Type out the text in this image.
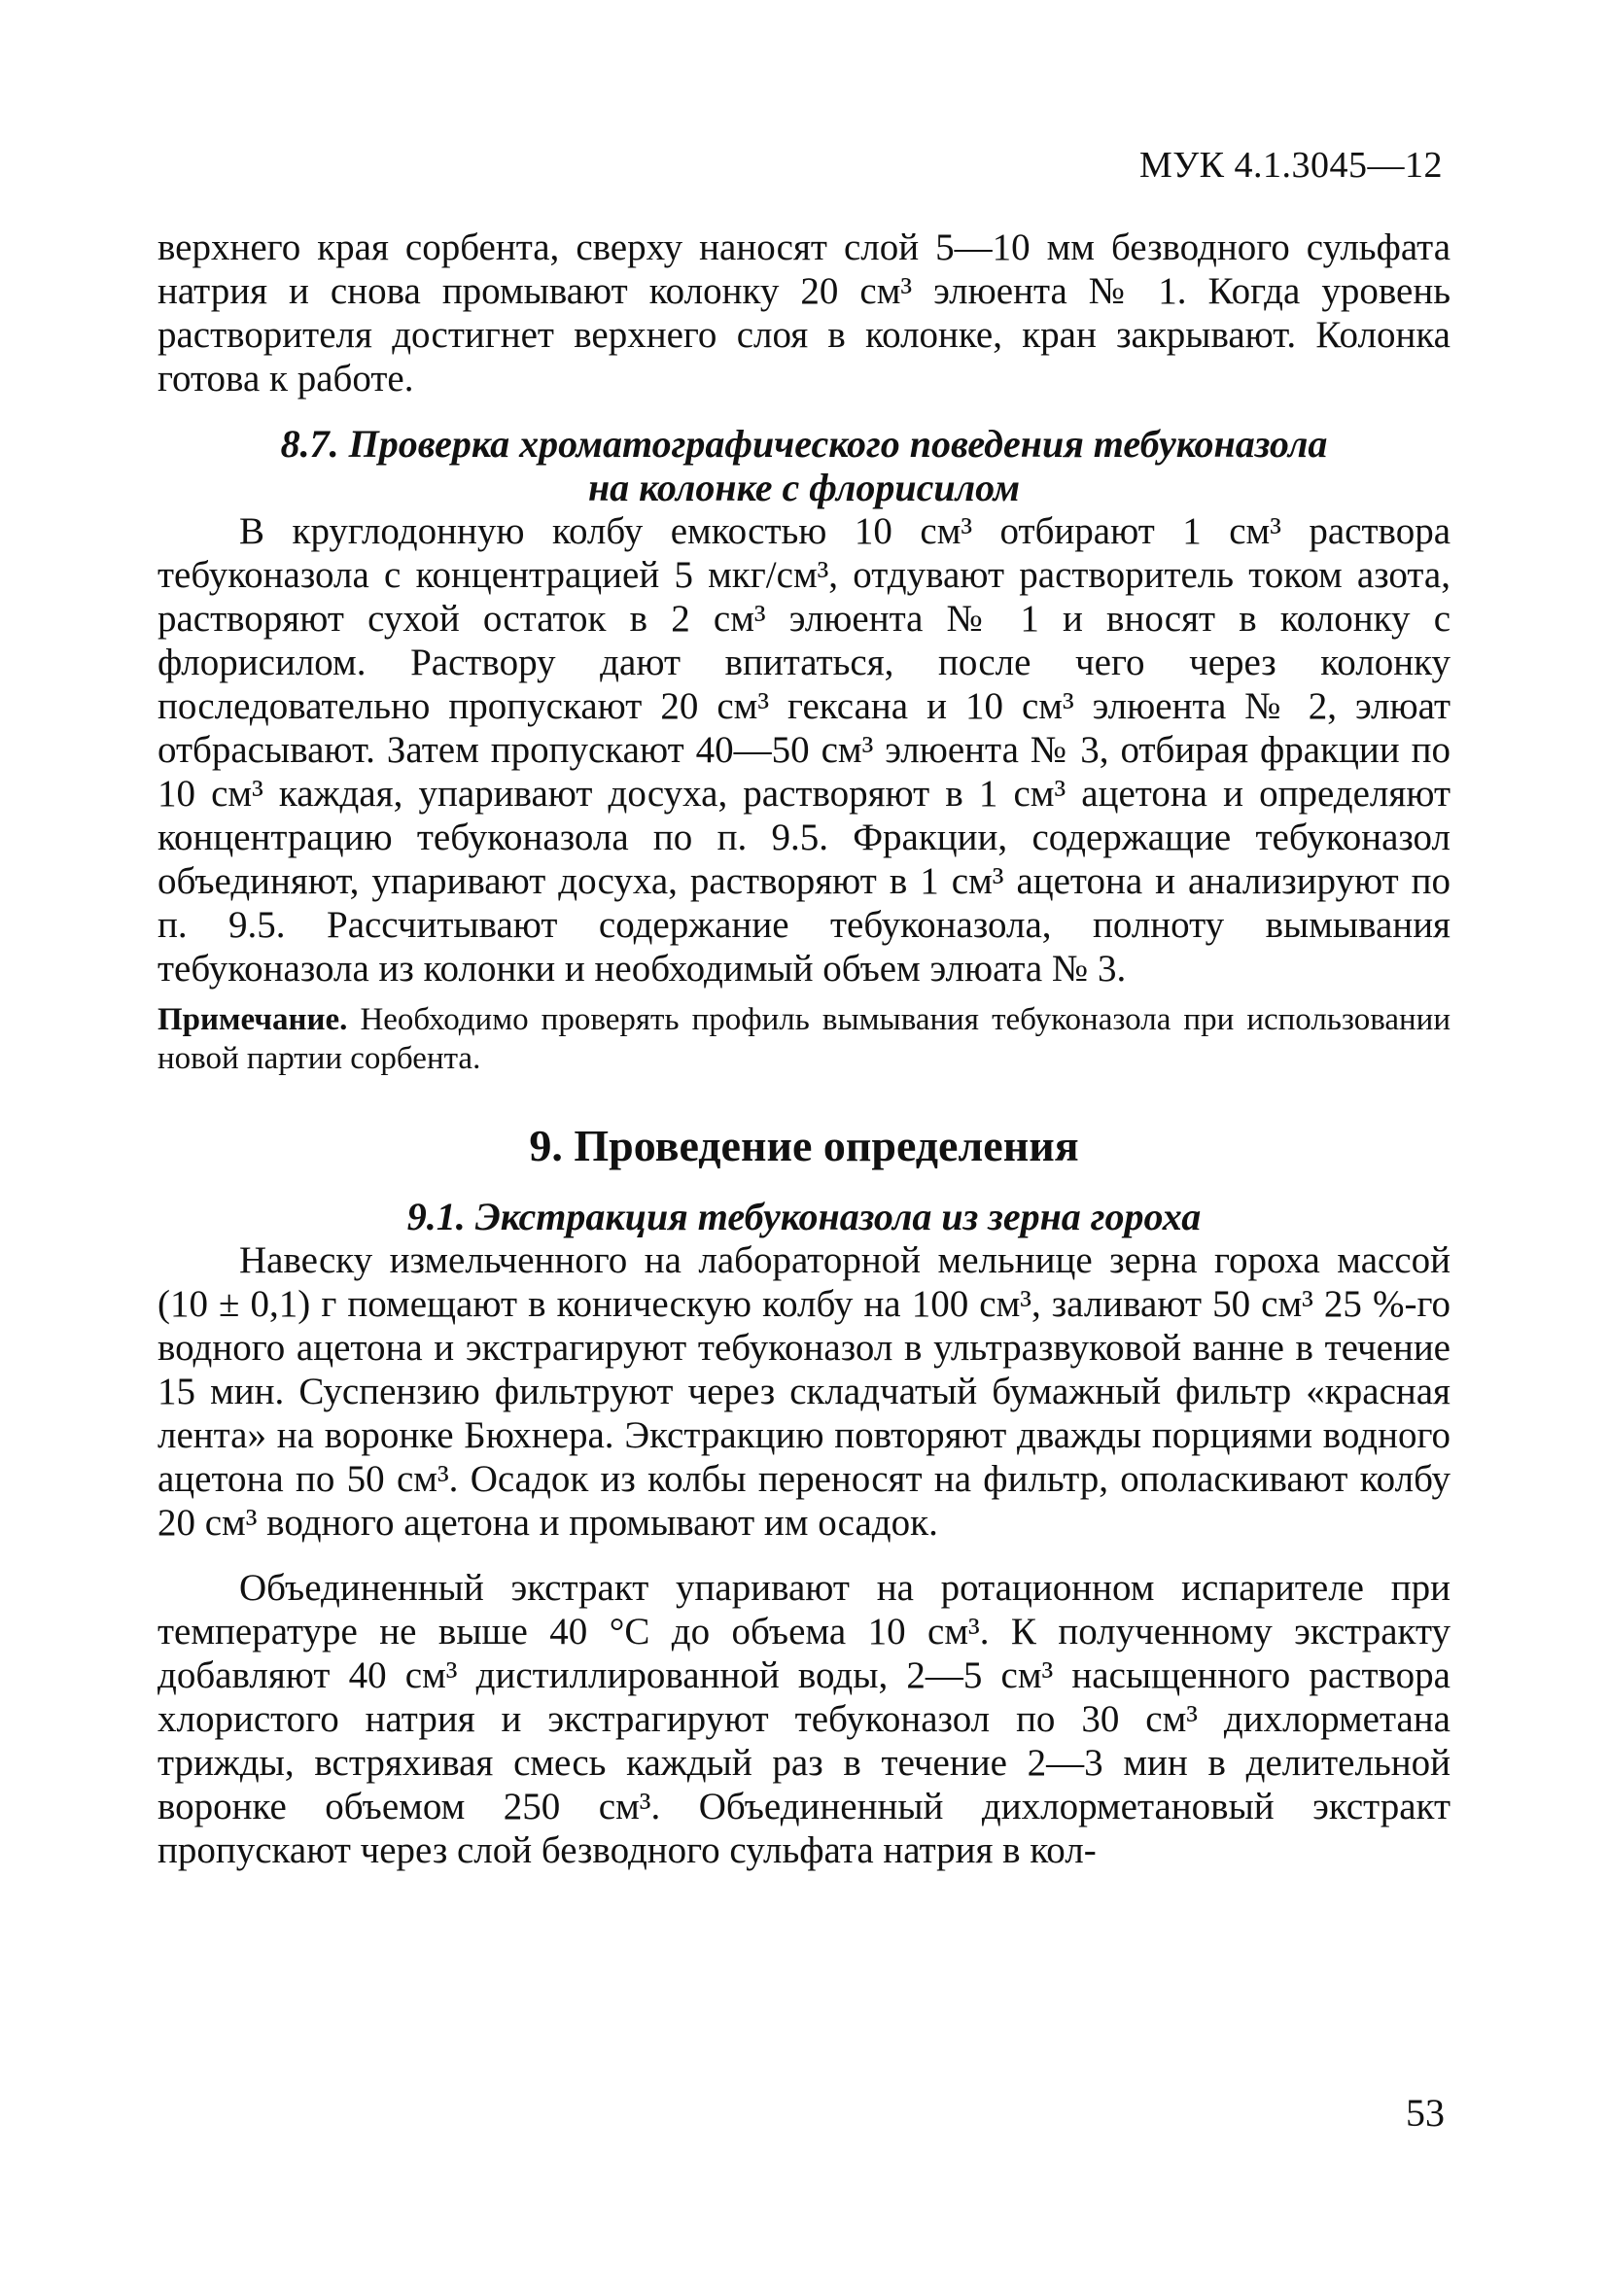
МУК 4.1.3045—12

верхнего края сорбента, сверху наносят слой 5—10 мм безводного сульфата натрия и снова промывают колонку 20 см³ элюента № 1. Когда уровень растворителя достигнет верхнего слоя в колонке, кран закрывают. Колонка готова к работе.

8.7. Проверка хроматографического поведения тебуконазола

на колонке с флорисилом

В круглодонную колбу емкостью 10 см³ отбирают 1 см³ раствора тебуконазола с концентрацией 5 мкг/см³, отдувают растворитель током азота, растворяют сухой остаток в 2 см³ элюента № 1 и вносят в колонку с флорисилом. Раствору дают впитаться, после чего через колонку последовательно пропускают 20 см³ гексана и 10 см³ элюента № 2, элюат отбрасывают. Затем пропускают 40—50 см³ элюента № 3, отбирая фракции по 10 см³ каждая, упаривают досуха, растворяют в 1 см³ ацетона и определяют концентрацию тебуконазола по п. 9.5. Фракции, содержащие тебуконазол объединяют, упаривают досуха, растворяют в 1 см³ ацетона и анализируют по п. 9.5. Рассчитывают содержание тебуконазола, полноту вымывания тебуконазола из колонки и необходимый объем элюата № 3.

Примечание. Необходимо проверять профиль вымывания тебуконазола при использовании новой партии сорбента.

9. Проведение определения

9.1. Экстракция тебуконазола из зерна гороха

Навеску измельченного на лабораторной мельнице зерна гороха массой (10 ± 0,1) г помещают в коническую колбу на 100 см³, заливают 50 см³ 25 %-го водного ацетона и экстрагируют тебуконазол в ультразвуковой ванне в течение 15 мин. Суспензию фильтруют через складчатый бумажный фильтр «красная лента» на воронке Бюхнера. Экстракцию повторяют дважды порциями водного ацетона по 50 см³. Осадок из колбы переносят на фильтр, ополаскивают колбу 20 см³ водного ацетона и промывают им осадок.

Объединенный экстракт упаривают на ротационном испарителе при температуре не выше 40 °С до объема 10 см³. К полученному экстракту добавляют 40 см³ дистиллированной воды, 2—5 см³ насыщенного раствора хлористого натрия и экстрагируют тебуконазол по 30 см³ дихлорметана трижды, встряхивая смесь каждый раз в течение 2—3 мин в делительной воронке объемом 250 см³. Объединенный дихлорметановый экстракт пропускают через слой безводного сульфата натрия в кол-

53
